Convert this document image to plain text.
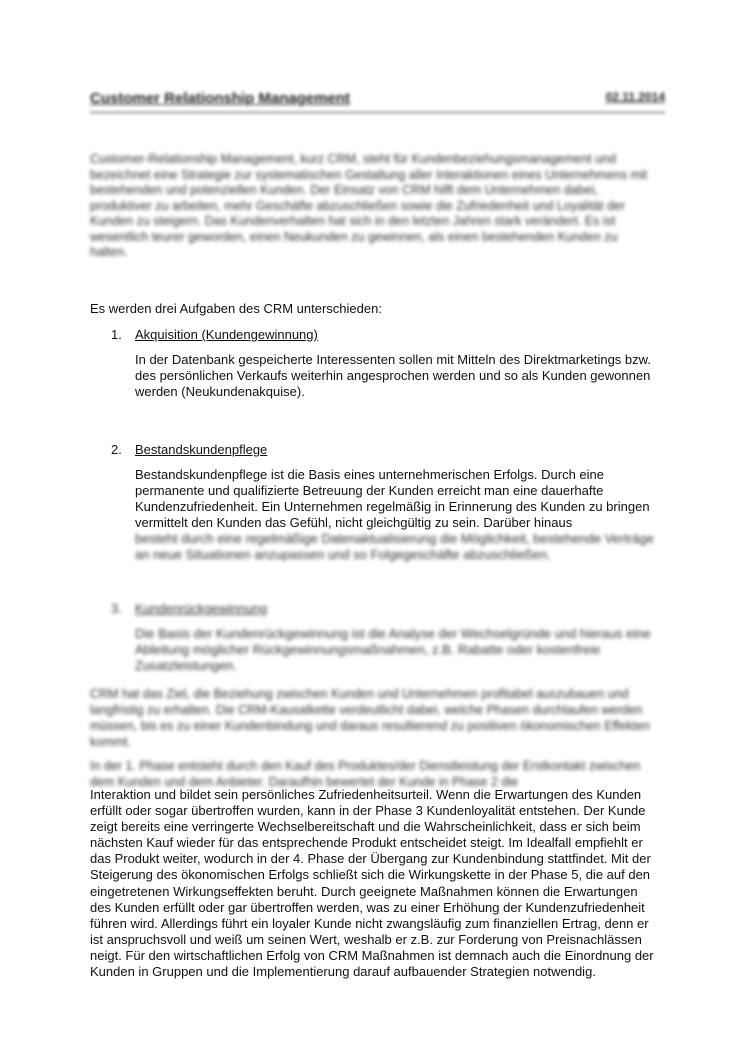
Customer Relationship Management	02.11.2014

Customer-Relationship Management, kurz CRM, steht für Kundenbeziehungsmanagement und bezeichnet eine Strategie zur systematischen Gestaltung aller Interaktionen eines Unternehmens mit bestehenden und potenziellen Kunden. Der Einsatz von CRM hilft dem Unternehmen dabei, produktiver zu arbeiten, mehr Geschäfte abzuschließen sowie die Zufriedenheit und Loyalität der Kunden zu steigern. Das Kundenverhalten hat sich in den letzten Jahren stark verändert. Es ist wesentlich teurer geworden, einen Neukunden zu gewinnen, als einen bestehenden Kunden zu halten.

Es werden drei Aufgaben des CRM unterschieden:

1.	Akquisition (Kundengewinnung)

In der Datenbank gespeicherte Interessenten sollen mit Mitteln des Direktmarketings bzw. des persönlichen Verkaufs weiterhin angesprochen werden und so als Kunden gewonnen werden (Neukundenakquise).

2.	Bestandskundenpflege

Bestandskundenpflege ist die Basis eines unternehmerischen Erfolgs. Durch eine permanente und qualifizierte Betreuung der Kunden erreicht man eine dauerhafte Kundenzufriedenheit. Ein Unternehmen regelmäßig in Erinnerung des Kunden zu bringen vermittelt den Kunden das Gefühl, nicht gleichgültig zu sein. Darüber hinaus

besteht durch eine regelmäßige Datenaktualisierung die Möglichkeit, bestehende Verträge an neue Situationen anzupassen und so Folgegeschäfte abzuschließen.

3.	Kundenrückgewinnung

Die Basis der Kundenrückgewinnung ist die Analyse der Wechselgründe und hieraus eine Ableitung möglicher Rückgewinnungsmaßnahmen, z.B. Rabatte oder kostenfreie Zusatzleistungen.

CRM hat das Ziel, die Beziehung zwischen Kunden und Unternehmen profitabel auszubauen und langfristig zu erhalten. Die CRM-Kausalkette verdeutlicht dabei, welche Phasen durchlaufen werden müssen, bis es zu einer Kundenbindung und daraus resultierend zu positiven ökonomischen Effekten kommt.

In der 1. Phase entsteht durch den Kauf des Produktes/der Dienstleistung der Erstkontakt zwischen dem Kunden und dem Anbieter. Daraufhin bewertet der Kunde in Phase 2 die

Interaktion und bildet sein persönliches Zufriedenheitsurteil. Wenn die Erwartungen des Kunden erfüllt oder sogar übertroffen wurden, kann in der Phase 3 Kundenloyalität entstehen. Der Kunde zeigt bereits eine verringerte Wechselbereitschaft und die Wahrscheinlichkeit, dass er sich beim nächsten Kauf wieder für das entsprechende Produkt entscheidet steigt. Im Idealfall empfiehlt er das Produkt weiter, wodurch in der 4. Phase der Übergang zur Kundenbindung stattfindet. Mit der Steigerung des ökonomischen Erfolgs schließt sich die Wirkungskette in der Phase 5, die auf den eingetretenen Wirkungseffekten beruht. Durch geeignete Maßnahmen können die Erwartungen des Kunden erfüllt oder gar übertroffen werden, was zu einer Erhöhung der Kundenzufriedenheit führen wird. Allerdings führt ein loyaler Kunde nicht zwangsläufig zum finanziellen Ertrag, denn er ist anspruchsvoll und weiß um seinen Wert, weshalb er z.B. zur Forderung von Preisnachlässen neigt. Für den wirtschaftlichen Erfolg von CRM Maßnahmen ist demnach auch die Einordnung der Kunden in Gruppen und die Implementierung darauf aufbauender Strategien notwendig.
